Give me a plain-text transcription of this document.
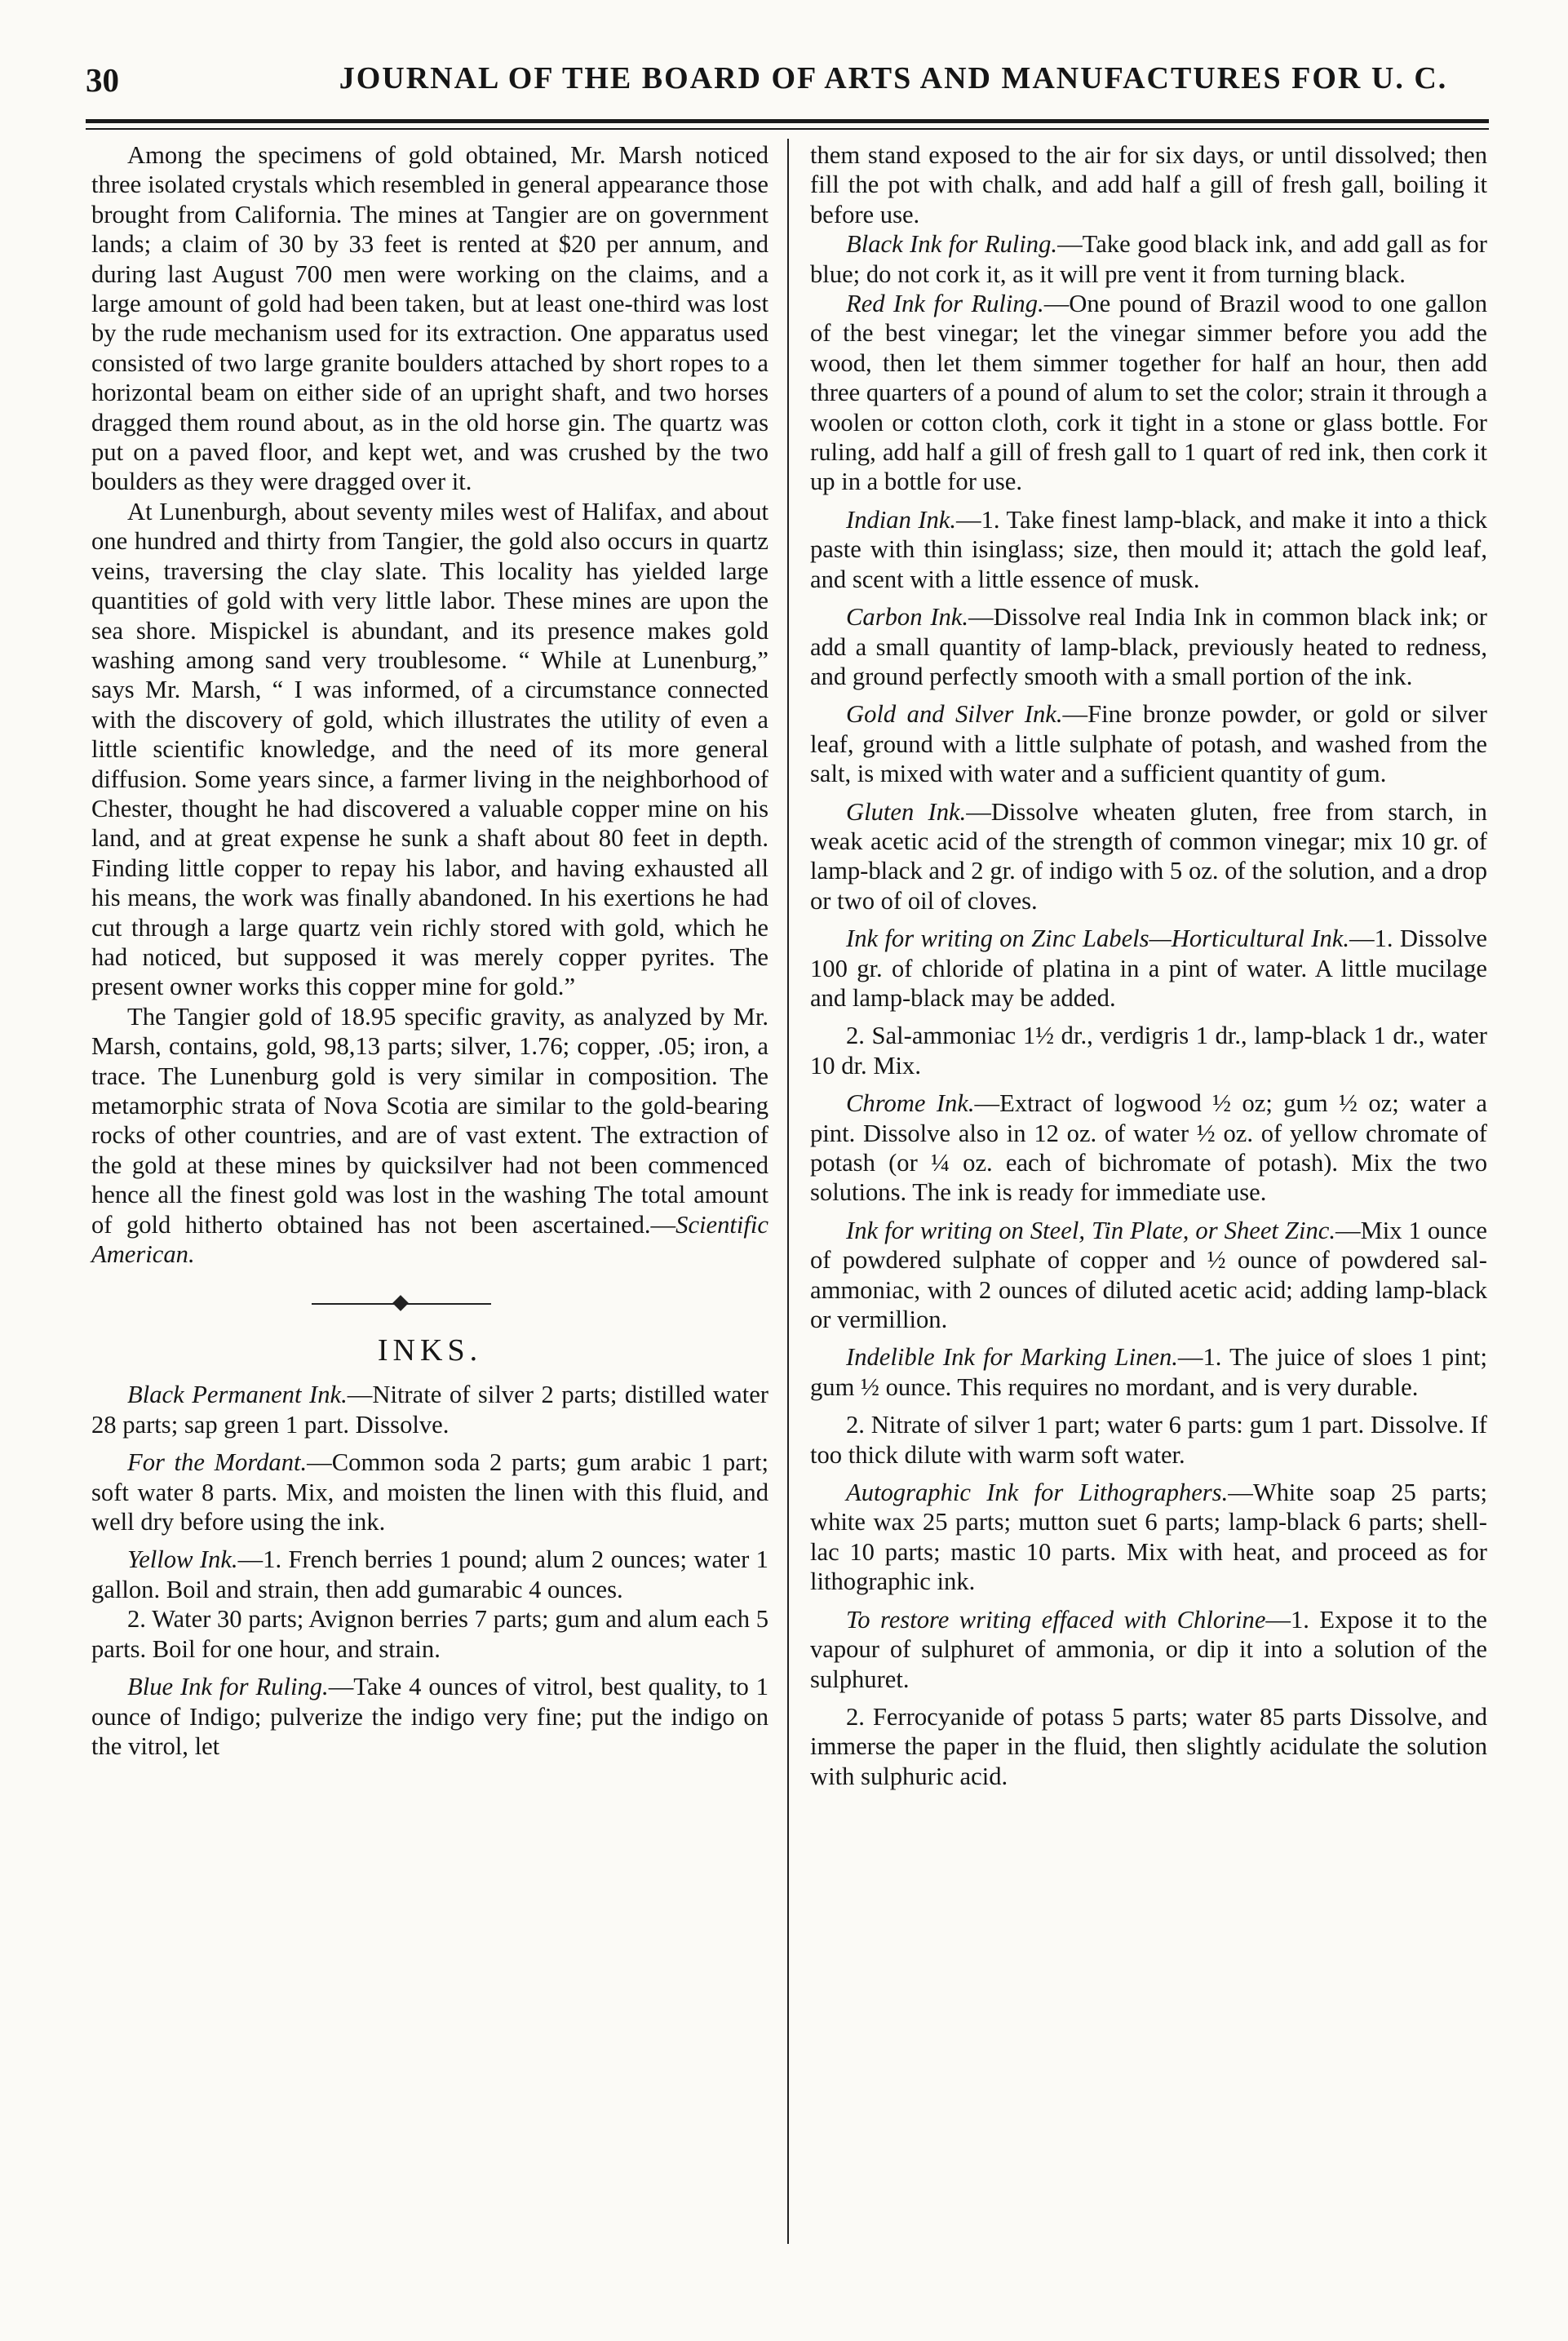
30	JOURNAL OF THE BOARD OF ARTS AND MANUFACTURES FOR U. C.

Among the specimens of gold obtained, Mr. Marsh noticed three isolated crystals which resembled in general appearance those brought from California. The mines at Tangier are on government lands; a claim of 30 by 33 feet is rented at $20 per annum, and during last August 700 men were working on the claims, and a large amount of gold had been taken, but at least one-third was lost by the rude mechanism used for its extraction. One apparatus used consisted of two large granite boulders attached by short ropes to a horizontal beam on either side of an upright shaft, and two horses dragged them round about, as in the old horse gin. The quartz was put on a paved floor, and kept wet, and was crushed by the two boulders as they were dragged over it.

At Lunenburgh, about seventy miles west of Halifax, and about one hundred and thirty from Tangier, the gold also occurs in quartz veins, traversing the clay slate. This locality has yielded large quantities of gold with very little labor. These mines are upon the sea shore. Mispickel is abundant, and its presence makes gold washing among sand very troublesome. “ While at Lunenburg,” says Mr. Marsh, “ I was informed, of a circumstance connected with the discovery of gold, which illustrates the utility of even a little scientific knowledge, and the need of its more general diffusion. Some years since, a farmer living in the neighborhood of Chester, thought he had discovered a valuable copper mine on his land, and at great expense he sunk a shaft about 80 feet in depth. Finding little copper to repay his labor, and having exhausted all his means, the work was finally abandoned. In his exertions he had cut through a large quartz vein richly stored with gold, which he had noticed, but supposed it was merely copper pyrites. The present owner works this copper mine for gold.”

The Tangier gold of 18.95 specific gravity, as analyzed by Mr. Marsh, contains, gold, 98,13 parts; silver, 1.76; copper, .05; iron, a trace. The Lunenburg gold is very similar in composition. The metamorphic strata of Nova Scotia are similar to the gold-bearing rocks of other countries, and are of vast extent. The extraction of the gold at these mines by quicksilver had not been commenced hence all the finest gold was lost in the washing The total amount of gold hitherto obtained has not been ascertained.—Scientific American.

INKS.

Black Permanent Ink.—Nitrate of silver 2 parts; distilled water 28 parts; sap green 1 part. Dissolve.

For the Mordant.—Common soda 2 parts; gum arabic 1 part; soft water 8 parts. Mix, and moisten the linen with this fluid, and well dry before using the ink.

Yellow Ink.—1. French berries 1 pound; alum 2 ounces; water 1 gallon. Boil and strain, then add gumarabic 4 ounces.

2. Water 30 parts; Avignon berries 7 parts; gum and alum each 5 parts. Boil for one hour, and strain.

Blue Ink for Ruling.—Take 4 ounces of vitrol, best quality, to 1 ounce of Indigo; pulverize the indigo very fine; put the indigo on the vitrol, let

them stand exposed to the air for six days, or until dissolved; then fill the pot with chalk, and add half a gill of fresh gall, boiling it before use.

Black Ink for Ruling.—Take good black ink, and add gall as for blue; do not cork it, as it will pre vent it from turning black.

Red Ink for Ruling.—One pound of Brazil wood to one gallon of the best vinegar; let the vinegar simmer before you add the wood, then let them simmer together for half an hour, then add three quarters of a pound of alum to set the color; strain it through a woolen or cotton cloth, cork it tight in a stone or glass bottle. For ruling, add half a gill of fresh gall to 1 quart of red ink, then cork it up in a bottle for use.

Indian Ink.—1. Take finest lamp-black, and make it into a thick paste with thin isinglass; size, then mould it; attach the gold leaf, and scent with a little essence of musk.

Carbon Ink.—Dissolve real India Ink in common black ink; or add a small quantity of lamp-black, previously heated to redness, and ground perfectly smooth with a small portion of the ink.

Gold and Silver Ink.—Fine bronze powder, or gold or silver leaf, ground with a little sulphate of potash, and washed from the salt, is mixed with water and a sufficient quantity of gum.

Gluten Ink.—Dissolve wheaten gluten, free from starch, in weak acetic acid of the strength of common vinegar; mix 10 gr. of lamp-black and 2 gr. of indigo with 5 oz. of the solution, and a drop or two of oil of cloves.

Ink for writing on Zinc Labels—Horticultural Ink.—1. Dissolve 100 gr. of chloride of platina in a pint of water. A little mucilage and lamp-black may be added.

2. Sal-ammoniac 1½ dr., verdigris 1 dr., lamp-black 1 dr., water 10 dr. Mix.

Chrome Ink.—Extract of logwood ½ oz; gum ½ oz; water a pint. Dissolve also in 12 oz. of water ½ oz. of yellow chromate of potash (or ¼ oz. each of bichromate of potash). Mix the two solutions. The ink is ready for immediate use.

Ink for writing on Steel, Tin Plate, or Sheet Zinc.—Mix 1 ounce of powdered sulphate of copper and ½ ounce of powdered sal-ammoniac, with 2 ounces of diluted acetic acid; adding lamp-black or vermillion.

Indelible Ink for Marking Linen.—1. The juice of sloes 1 pint; gum ½ ounce. This requires no mordant, and is very durable.

2. Nitrate of silver 1 part; water 6 parts: gum 1 part. Dissolve. If too thick dilute with warm soft water.

Autographic Ink for Lithographers.—White soap 25 parts; white wax 25 parts; mutton suet 6 parts; lamp-black 6 parts; shell-lac 10 parts; mastic 10 parts. Mix with heat, and proceed as for lithographic ink.

To restore writing effaced with Chlorine—1. Expose it to the vapour of sulphuret of ammonia, or dip it into a solution of the sulphuret.

2. Ferrocyanide of potass 5 parts; water 85 parts Dissolve, and immerse the paper in the fluid, then slightly acidulate the solution with sulphuric acid.
